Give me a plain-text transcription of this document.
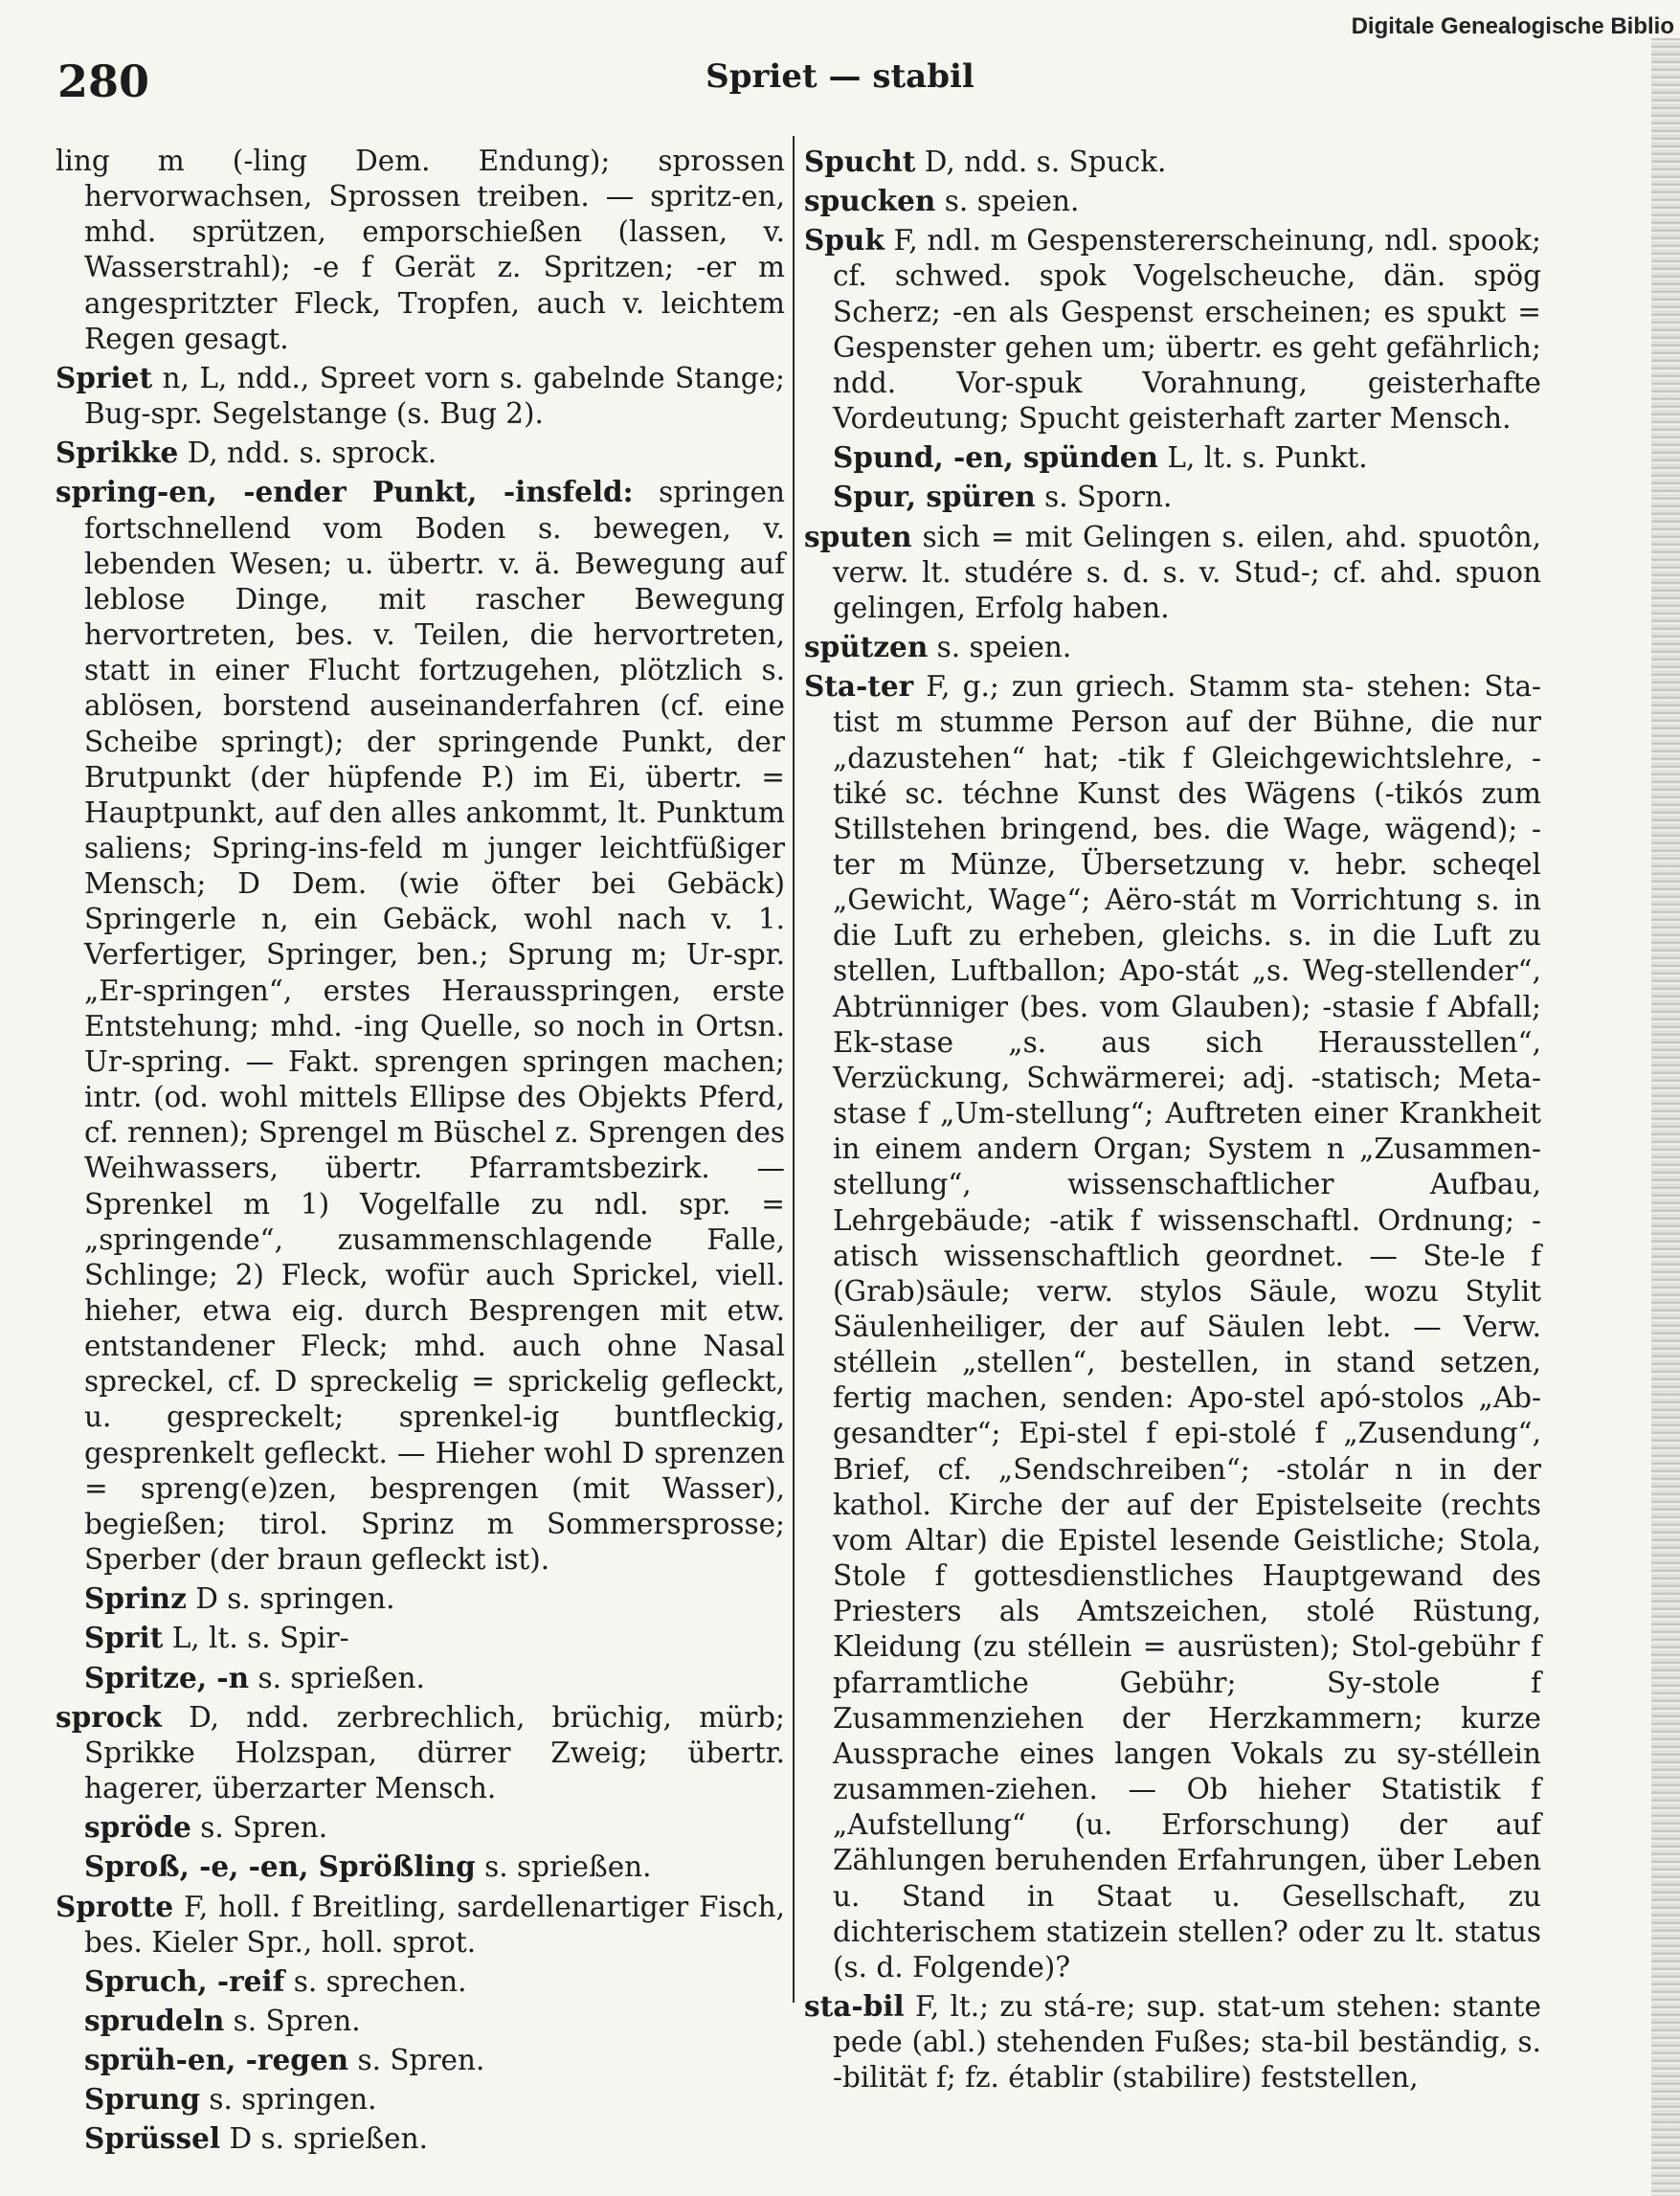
Digitale Genealogische Biblio
280	Spriet — stabil

ling m (-ling Dem. Endung); sprossen hervorwachsen, Sprossen treiben. — spritz-en, mhd. sprützen, emporschießen (lassen, v. Wasserstrahl); -e f Gerät z. Spritzen; -er m angespritzter Fleck, Tropfen, auch v. leichtem Regen gesagt.

Spriet n, L, ndd., Spreet vorn s. gabelnde Stange; Bug-spr. Segelstange (s. Bug 2).

Sprikke D, ndd. s. sprock.

spring-en, -ender Punkt, -insfeld: springen fortschnellend vom Boden s. bewegen, v. lebenden Wesen; u. übertr. v. ä. Bewegung auf leblose Dinge, mit rascher Bewegung hervortreten, bes. v. Teilen, die hervortreten, statt in einer Flucht fortzugehen, plötzlich s. ablösen, borstend auseinanderfahren (cf. eine Scheibe springt); der springende Punkt, der Brutpunkt (der hüpfende P.) im Ei, übertr. = Hauptpunkt, auf den alles ankommt, lt. Punktum saliens; Spring-ins-feld m junger leichtfüßiger Mensch; D Dem. (wie öfter bei Gebäck) Springerle n, ein Gebäck, wohl nach v. 1. Verfertiger, Springer, ben.; Sprung m; Ur-spr. „Er-springen“, erstes Herausspringen, erste Entstehung; mhd. -ing Quelle, so noch in Ortsn. Ur-spring. — Fakt. sprengen springen machen; intr. (od. wohl mittels Ellipse des Objekts Pferd, cf. rennen); Sprengel m Büschel z. Sprengen des Weihwassers, übertr. Pfarramtsbezirk. — Sprenkel m 1) Vogelfalle zu ndl. spr. = „springende“, zusammenschlagende Falle, Schlinge; 2) Fleck, wofür auch Sprickel, viell. hieher, etwa eig. durch Besprengen mit etw. entstandener Fleck; mhd. auch ohne Nasal spreckel, cf. D spreckelig = sprickelig gefleckt, u. gespreckelt; sprenkel-ig buntfleckig, gesprenkelt gefleckt. — Hieher wohl D sprenzen = spreng(e)zen, besprengen (mit Wasser), begießen; tirol. Sprinz m Sommersprosse; Sperber (der braun gefleckt ist).

Sprinz D s. springen.

Sprit L, lt. s. Spir-

Spritze, -n s. sprießen.

sprock D, ndd. zerbrechlich, brüchig, mürb; Sprikke Holzspan, dürrer Zweig; übertr. hagerer, überzarter Mensch.

spröde s. Spren.

Sproß, -e, -en, Sprößling s. sprießen.

Sprotte F, holl. f Breitling, sardellenartiger Fisch, bes. Kieler Spr., holl. sprot.

Spruch, -reif s. sprechen.

sprudeln s. Spren.

sprüh-en, -regen s. Spren.

Sprung s. springen.

Sprüssel D s. sprießen.

Spucht D, ndd. s. Spuck.

spucken s. speien.

Spuk F, ndl. m Gespenstererscheinung, ndl. spook; cf. schwed. spok Vogelscheuche, dän. spög Scherz; -en als Gespenst erscheinen; es spukt = Gespenster gehen um; übertr. es geht gefährlich; ndd. Vor-spuk Vorahnung, geisterhafte Vordeutung; Spucht geisterhaft zarter Mensch.

Spund, -en, spünden L, lt. s. Punkt.

Spur, spüren s. Sporn.

sputen sich = mit Gelingen s. eilen, ahd. spuotôn, verw. lt. studére s. d. s. v. Stud-; cf. ahd. spuon gelingen, Erfolg haben.

spützen s. speien.

Sta-ter F, g.; zun griech. Stamm sta- stehen: Sta-tist m stumme Person auf der Bühne, die nur „dazustehen“ hat; -tik f Gleichgewichtslehre, -tiké sc. téchne Kunst des Wägens (-tikós zum Stillstehen bringend, bes. die Wage, wägend); -ter m Münze, Übersetzung v. hebr. scheqel „Gewicht, Wage“; Aëro-stát m Vorrichtung s. in die Luft zu erheben, gleichs. s. in die Luft zu stellen, Luftballon; Apo-stát „s. Weg-stellender“, Abtrünniger (bes. vom Glauben); -stasie f Abfall; Ek-stase „s. aus sich Herausstellen“, Verzückung, Schwärmerei; adj. -statisch; Meta-stase f „Um-stellung“; Auftreten einer Krankheit in einem andern Organ; System n „Zusammen-stellung“, wissenschaftlicher Aufbau, Lehrgebäude; -atik f wissenschaftl. Ordnung; -atisch wissenschaftlich geordnet. — Ste-le f (Grab)säule; verw. stylos Säule, wozu Stylit Säulenheiliger, der auf Säulen lebt. — Verw. stéllein „stellen“, bestellen, in stand setzen, fertig machen, senden: Apo-stel apó-stolos „Ab-gesandter“; Epi-stel f epi-stolé f „Zusendung“, Brief, cf. „Sendschreiben“; -stolár n in der kathol. Kirche der auf der Epistelseite (rechts vom Altar) die Epistel lesende Geistliche; Stola, Stole f gottesdienstliches Hauptgewand des Priesters als Amtszeichen, stolé Rüstung, Kleidung (zu stéllein = ausrüsten); Stol-gebühr f pfarramtliche Gebühr; Sy-stole f Zusammenziehen der Herzkammern; kurze Aussprache eines langen Vokals zu sy-stéllein zusammen-ziehen. — Ob hieher Statistik f „Aufstellung“ (u. Erforschung) der auf Zählungen beruhenden Erfahrungen, über Leben u. Stand in Staat u. Gesellschaft, zu dichterischem statizein stellen? oder zu lt. status (s. d. Folgende)?

sta-bil F, lt.; zu stá-re; sup. stat-um stehen: stante pede (abl.) stehenden Fußes; sta-bil beständig, s. -bilität f; fz. établir (stabilire) feststellen,
